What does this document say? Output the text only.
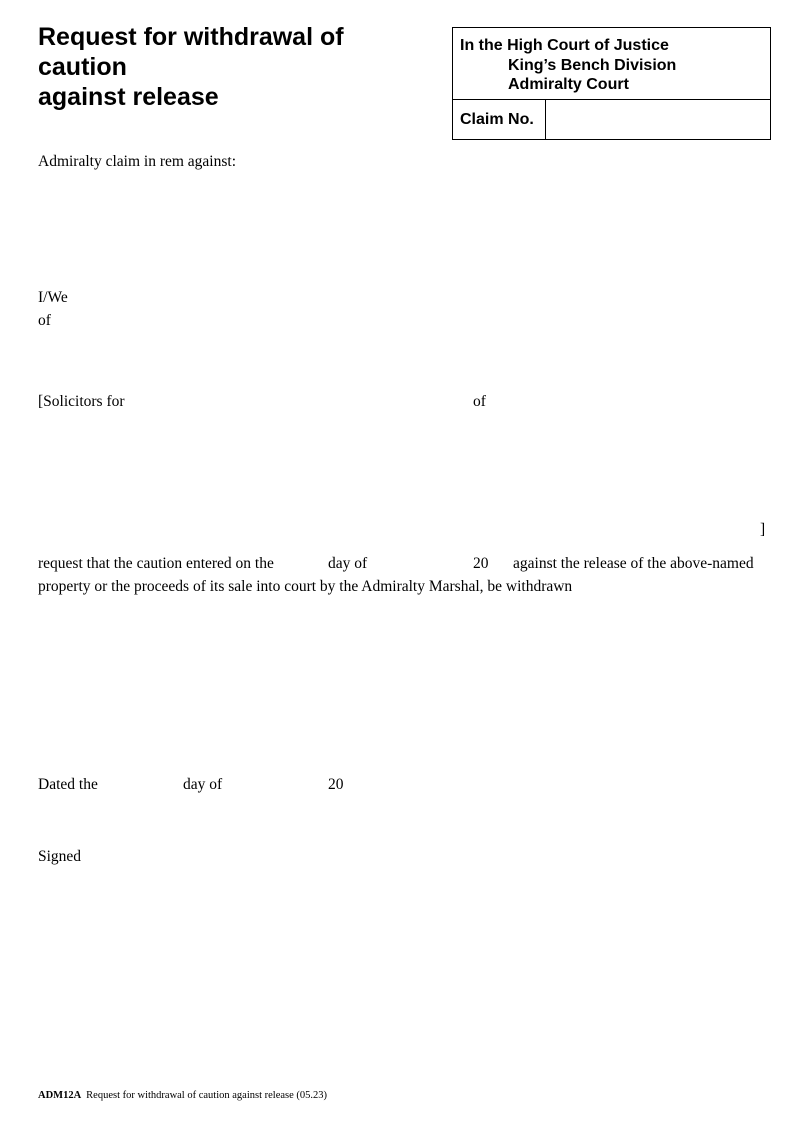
Request for withdrawal of caution
against release
In the High Court of Justice
King’s Bench Division
Admiralty Court
Claim No.
Admiralty claim in rem against:
I/We
of
[Solicitors for	of
]
request that the caution entered on the	day of	20 against the release of the above-named
property or the proceeds of its sale into court by the Admiralty Marshal, be withdrawn
Dated the	day of	20
Signed
ADM12A Request for withdrawal of caution against release (05.23)
